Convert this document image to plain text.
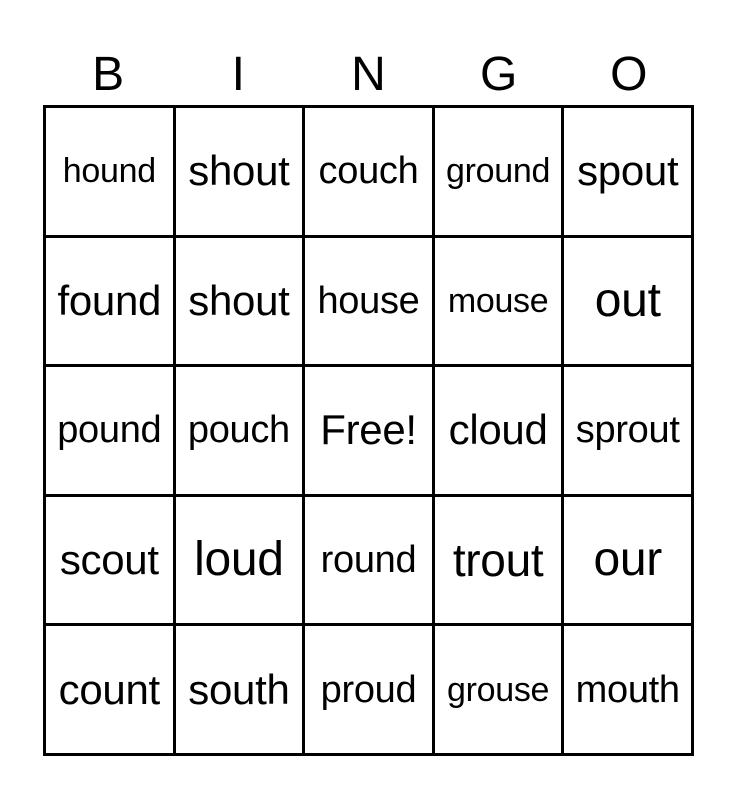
B	I	N	G	O
hound shout couch ground spout
found shout house mouse out
pound pouch Free! cloud sprout
scout loud round trout our
count south proud grouse mouth
